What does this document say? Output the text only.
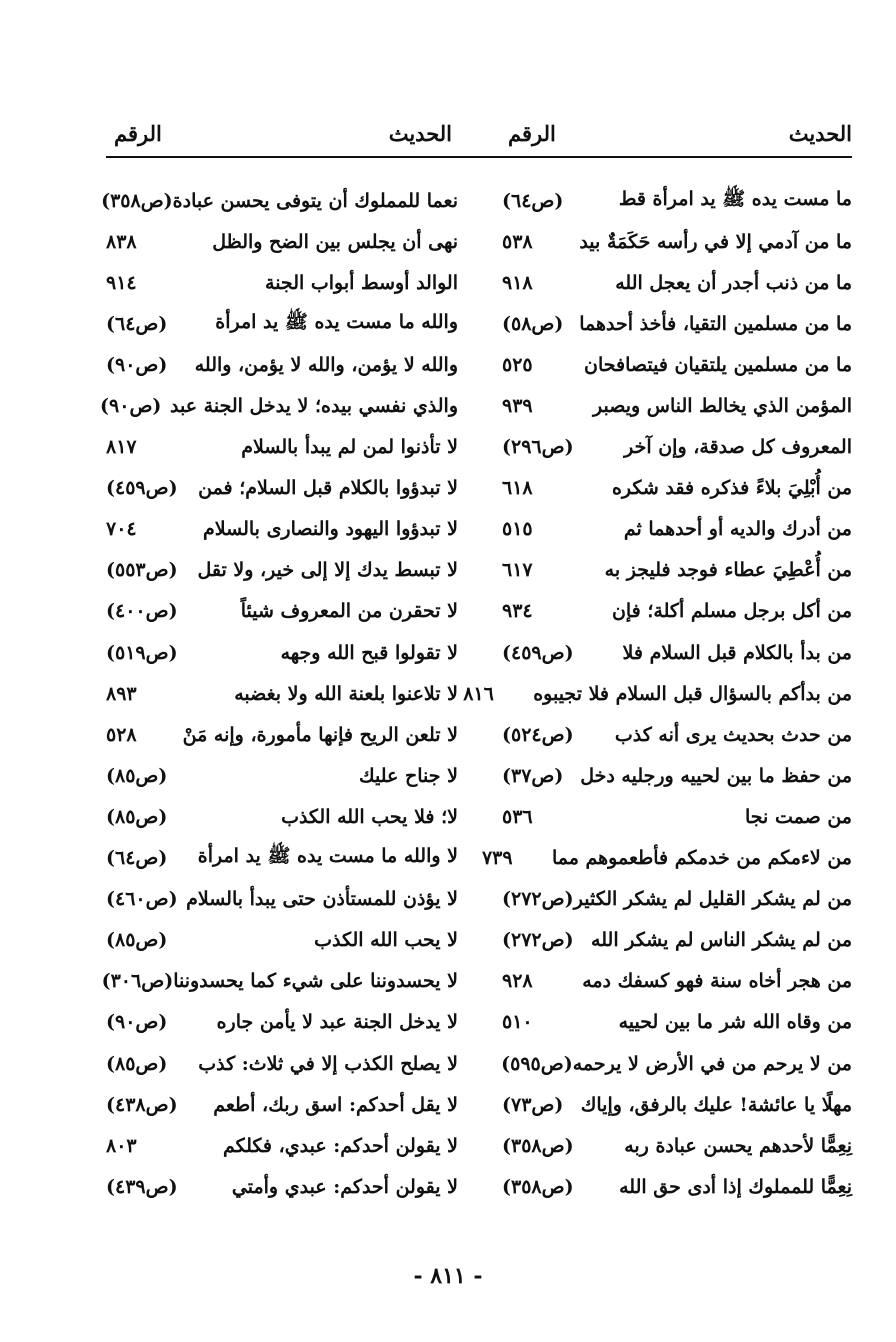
الحديث
الرقم
ما مست يده ﷺ يد امرأة قط
(ص٦٤)
ما من آدمي إلا في رأسه حَكَمَةٌ بيد
٥٣٨
ما من ذنب أجدر أن يعجل الله
٩١٨
ما من مسلمين التقيا، فأخذ أحدهما
(ص٥٨)
ما من مسلمين يلتقيان فيتصافحان
٥٢٥
المؤمن الذي يخالط الناس ويصبر
٩٣٩
المعروف كل صدقة، وإن آخر
(ص٢٩٦)
من أُبْلِيَ بلاءً فذكره فقد شكره
٦١٨
من أدرك والديه أو أحدهما ثم
٥١٥
من أُعْطِيَ عطاء فوجد فليجز به
٦١٧
من أكل برجل مسلم أكلة؛ فإن
٩٣٤
من بدأ بالكلام قبل السلام فلا
(ص٤٥٩)
من بدأكم بالسؤال قبل السلام فلا تجيبوه
٨١٦
من حدث بحديث يرى أنه كذب
(ص٥٢٤)
من حفظ ما بين لحييه ورجليه دخل
(ص٣٧)
من صمت نجا
٥٣٦
من لاءمكم من خدمكم فأطعموهم مما
٧٣٩
من لم يشكر القليل لم يشكر الكثير
(ص٢٧٢)
من لم يشكر الناس لم يشكر الله
(ص٢٧٢)
من هجر أخاه سنة فهو كسفك دمه
٩٢٨
من وقاه الله شر ما بين لحييه
٥١٠
من لا يرحم من في الأرض لا يرحمه
(ص٥٩٥)
مهلًا يا عائشة! عليك بالرفق، وإياك
(ص٧٣)
نِعِمًّا لأحدهم يحسن عبادة ربه
(ص٣٥٨)
نِعِمًّا للمملوك إذا أدى حق الله
(ص٣٥٨)
الحديث
الرقم
نعما للمملوك أن يتوفى يحسن عبادة
(ص٣٥٨)
نهى أن يجلس بين الضح والظل
٨٣٨
الوالد أوسط أبواب الجنة
٩١٤
والله ما مست يده ﷺ يد امرأة
(ص٦٤)
والله لا يؤمن، والله لا يؤمن، والله
(ص٩٠)
والذي نفسي بيده؛ لا يدخل الجنة عبد
(ص٩٠)
لا تأذنوا لمن لم يبدأ بالسلام
٨١٧
لا تبدؤوا بالكلام قبل السلام؛ فمن
(ص٤٥٩)
لا تبدؤوا اليهود والنصارى بالسلام
٧٠٤
لا تبسط يدك إلا إلى خير، ولا تقل
(ص٥٥٣)
لا تحقرن من المعروف شيئاً
(ص٤٠٠)
لا تقولوا قبح الله وجهه
(ص٥١٩)
لا تلاعنوا بلعنة الله ولا بغضبه
٨٩٣
لا تلعن الريح فإنها مأمورة، وإنه مَنْ
٥٢٨
لا جناح عليك
(ص٨٥)
لا؛ فلا يحب الله الكذب
(ص٨٥)
لا والله ما مست يده ﷺ يد امرأة
(ص٦٤)
لا يؤذن للمستأذن حتى يبدأ بالسلام
(ص٤٦٠)
لا يحب الله الكذب
(ص٨٥)
لا يحسدوننا على شيء كما يحسدوننا
(ص٣٠٦)
لا يدخل الجنة عبد لا يأمن جاره
(ص٩٠)
لا يصلح الكذب إلا في ثلاث: كذب
(ص٨٥)
لا يقل أحدكم: اسق ربك، أطعم
(ص٤٣٨)
لا يقولن أحدكم: عبدي، فكلكم
٨٠٣
لا يقولن أحدكم: عبدي وأمتي
(ص٤٣٩)
- ٨١١ -
